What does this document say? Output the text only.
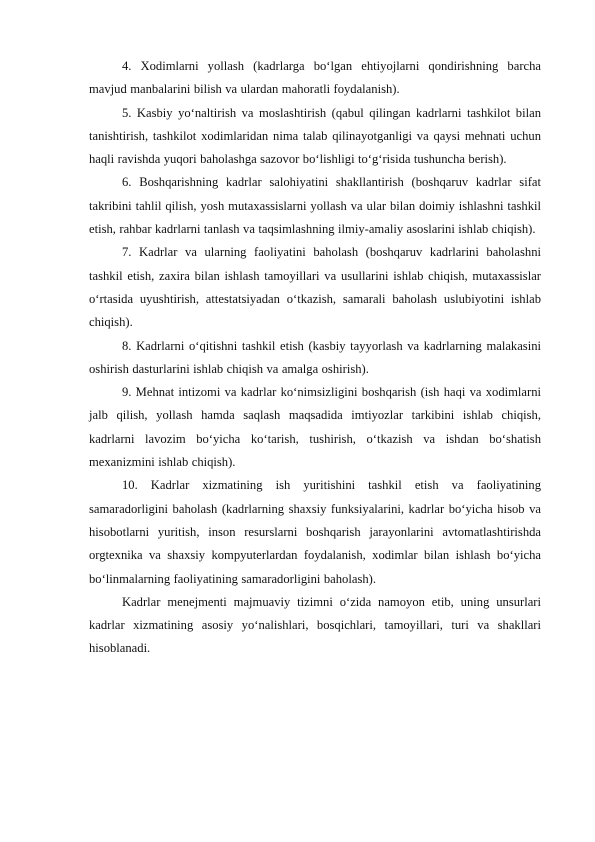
4. Xodimlarni yollash (kadrlarga bo‘lgan ehtiyojlarni qondirishning barcha mavjud manbalarini bilish va ulardan mahoratli foydalanish).

5. Kasbiy yo‘naltirish va moslashtirish (qabul qilingan kadrlarni tashkilot bilan tanishtirish, tashkilot xodimlaridan nima talab qilinayotganligi va qaysi mehnati uchun haqli ravishda yuqori baholashga sazovor bo‘lishligi to‘g‘risida tushuncha berish).

6. Boshqarishning kadrlar salohiyatini shakllantirish (boshqaruv kadrlar sifat takribini tahlil qilish, yosh mutaxassislarni yollash va ular bilan doimiy ishlashni tashkil etish, rahbar kadrlarni tanlash va taqsimlashning ilmiy-amaliy asoslarini ishlab chiqish).

7. Kadrlar va ularning faoliyatini baholash (boshqaruv kadrlarini baholashni tashkil etish, zaxira bilan ishlash tamoyillari va usullarini ishlab chiqish, mutaxassislar o‘rtasida uyushtirish, attestatsiyadan o‘tkazish, samarali baholash uslubiyotini ishlab chiqish).

8. Kadrlarni o‘qitishni tashkil etish (kasbiy tayyorlash va kadrlarning malakasini oshirish dasturlarini ishlab chiqish va amalga oshirish).

9. Mehnat intizomi va kadrlar ko‘nimsizligini boshqarish (ish haqi va xodimlarni jalb qilish, yollash hamda saqlash maqsadida imtiyozlar tarkibini ishlab chiqish, kadrlarni lavozim bo‘yicha ko‘tarish, tushirish, o‘tkazish va ishdan bo‘shatish mexanizmini ishlab chiqish).

10. Kadrlar xizmatining ish yuritishini tashkil etish va faoliyatining samaradorligini baholash (kadrlarning shaxsiy funksiyalarini, kadrlar bo‘yicha hisob va hisobotlarni yuritish, inson resurslarni boshqarish jarayonlarini avtomatlashtirishda orgtexnika va shaxsiy kompyuterlardan foydalanish, xodimlar bilan ishlash bo‘yicha bo‘linmalarning faoliyatining samaradorligini baholash).

Kadrlar menejmenti majmuaviy tizimni o‘zida namoyon etib, uning unsurlari kadrlar xizmatining asosiy yo‘nalishlari, bosqichlari, tamoyillari, turi va shakllari hisoblanadi.
